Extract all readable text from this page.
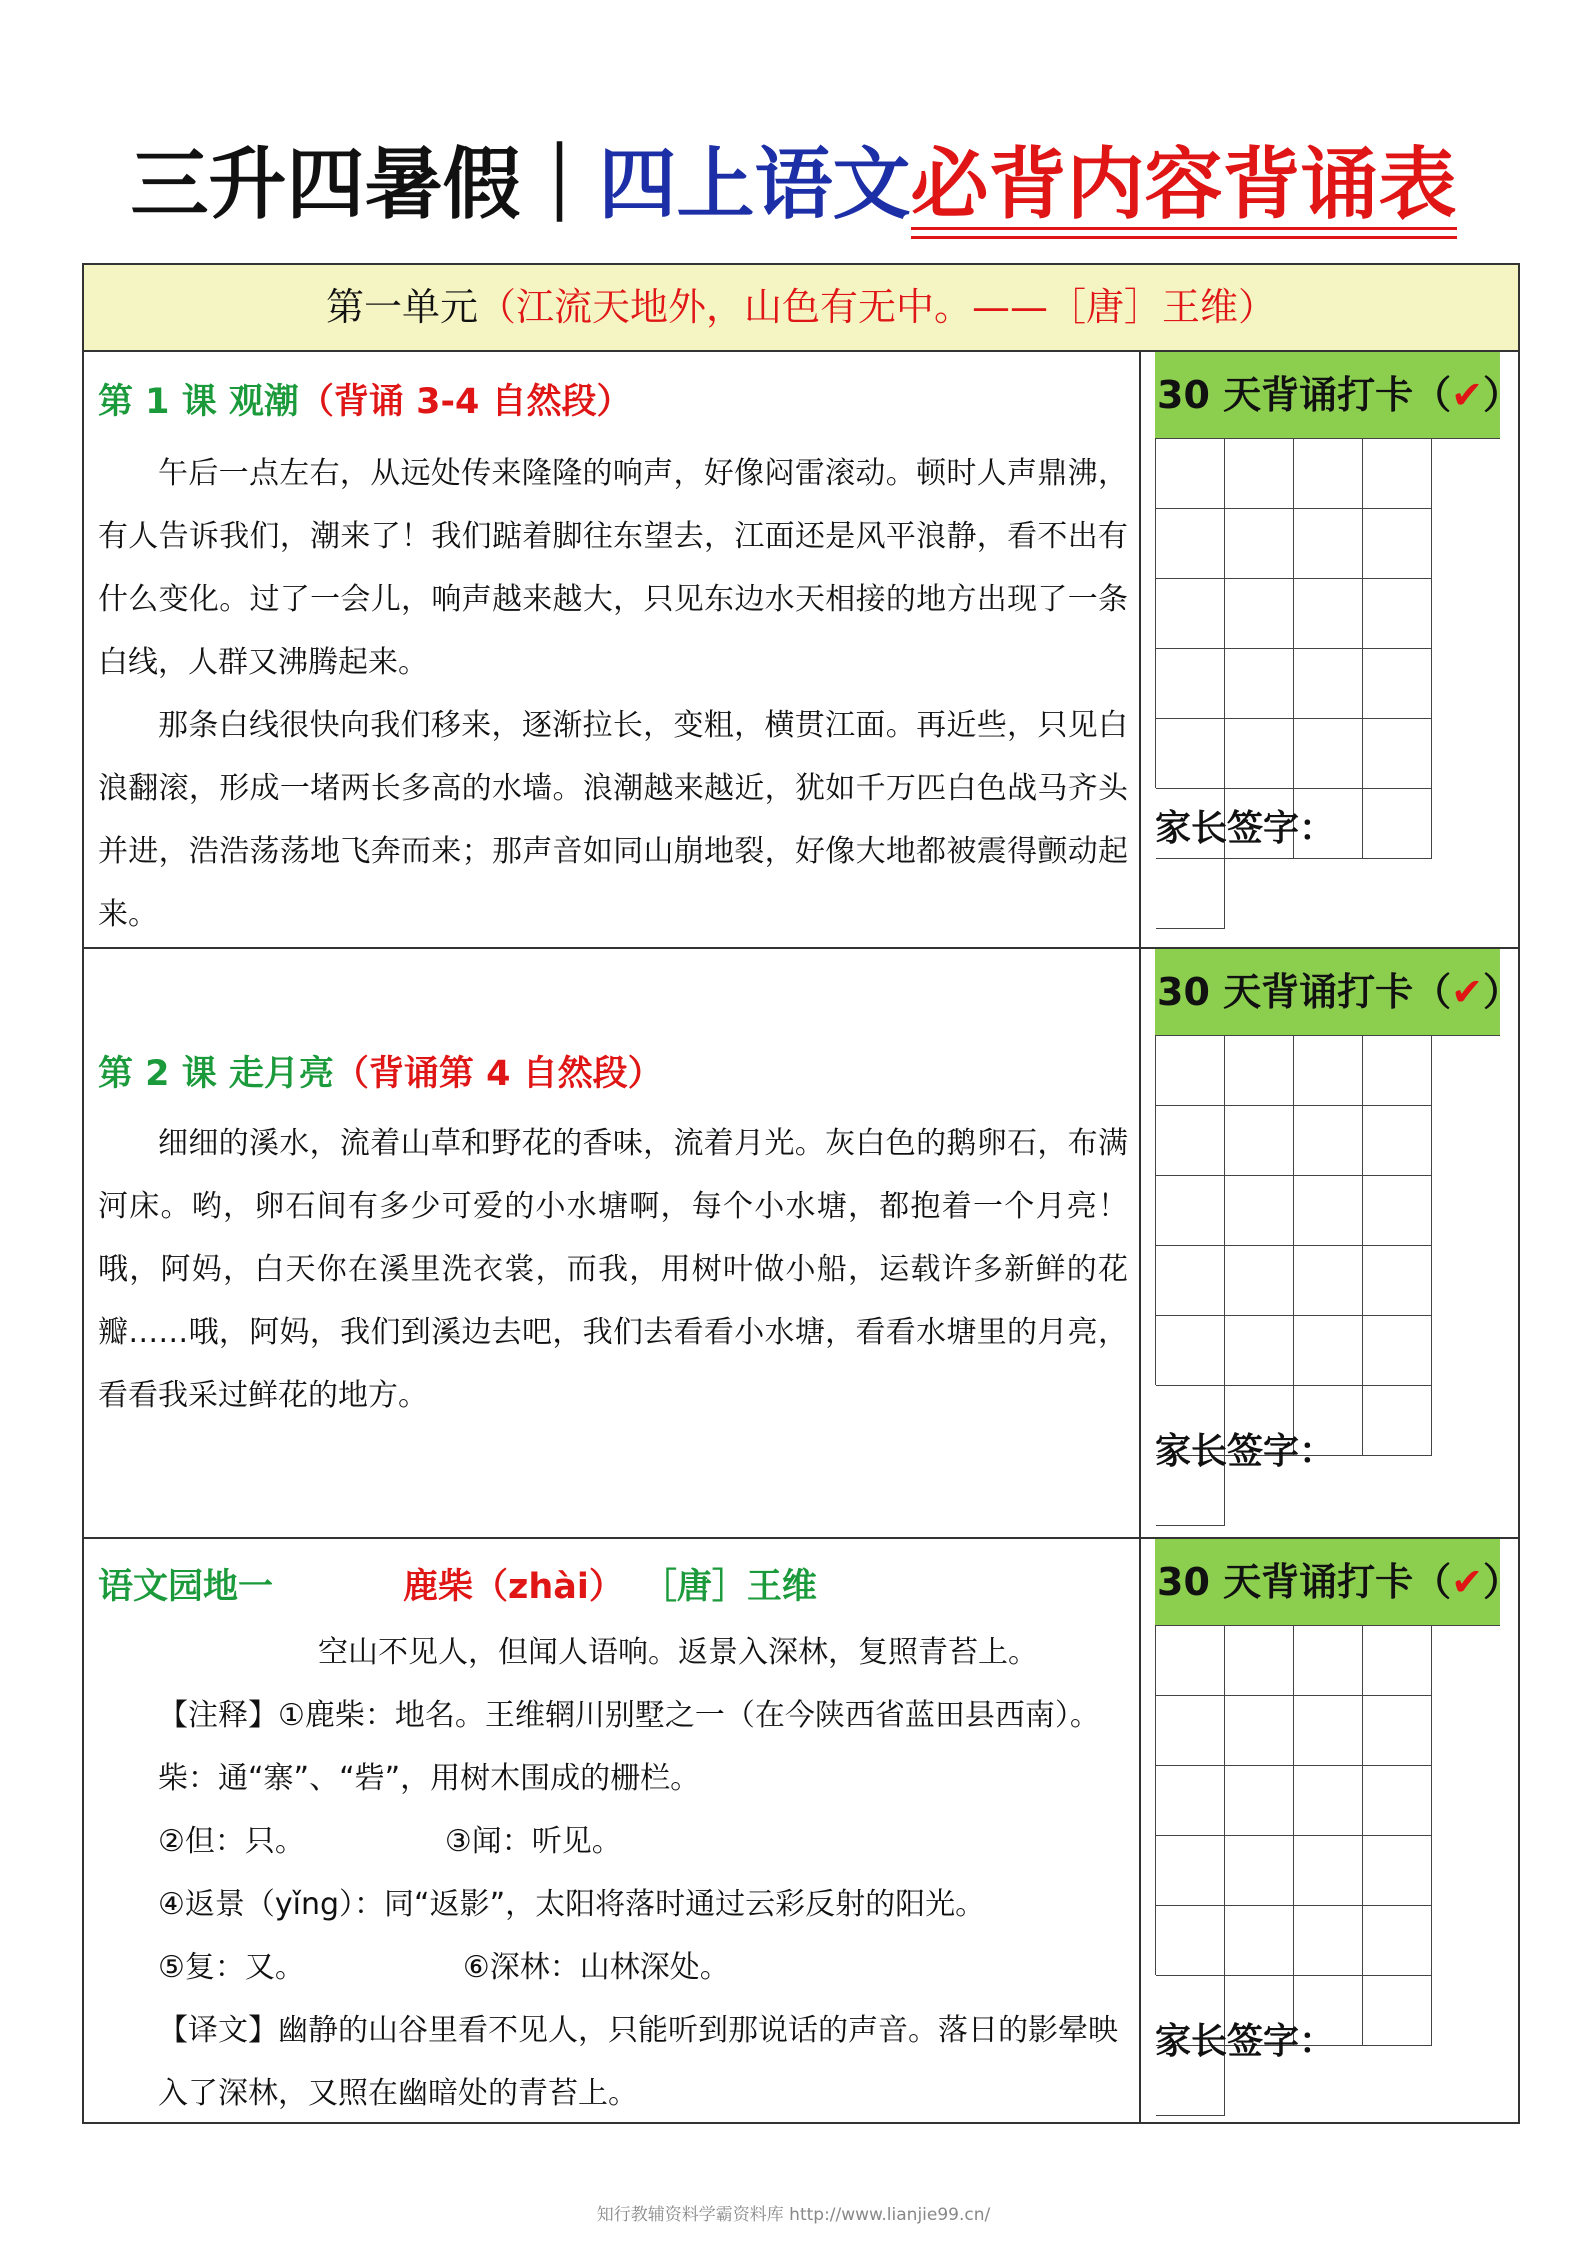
三升四暑假｜四上语文必背内容背诵表
第一单元（江流天地外，山色有无中。——［唐］王维）
第 1 课 观潮（背诵 3-4 自然段）

午后一点左右，从远处传来隆隆的响声，好像闷雷滚动。顿时人声鼎沸，有人告诉我们，潮来了！我们踮着脚往东望去，江面还是风平浪静，看不出有什么变化。过了一会儿，响声越来越大，只见东边水天相接的地方出现了一条白线，人群又沸腾起来。

那条白线很快向我们移来，逐渐拉长，变粗，横贯江面。再近些，只见白浪翻滚，形成一堵两长多高的水墙。浪潮越来越近，犹如千万匹白色战马齐头并进，浩浩荡荡地飞奔而来；那声音如同山崩地裂，好像大地都被震得颤动起来。

30 天背诵打卡（✔）
家长签字：
第 2 课 走月亮（背诵第 4 自然段）

细细的溪水，流着山草和野花的香味，流着月光。灰白色的鹅卵石，布满河床。哟，卵石间有多少可爱的小水塘啊，每个小水塘，都抱着一个月亮！哦，阿妈，白天你在溪里洗衣裳，而我，用树叶做小船，运载许多新鲜的花瓣……哦，阿妈，我们到溪边去吧，我们去看看小水塘，看看水塘里的月亮，看看我采过鲜花的地方。

30 天背诵打卡（✔）
家长签字：
语文园地一	鹿柴（zhài） ［唐］王维

空山不见人，但闻人语响。返景入深林，复照青苔上。

【注释】①鹿柴：地名。王维辋川别墅之一（在今陕西省蓝田县西南）。

柴：通“寨”、“砦”，用树木围成的栅栏。

②但：只。	③闻：听见。

④返景（yǐng）：同“返影”，太阳将落时通过云彩反射的阳光。

⑤复：又。	⑥深林：山林深处。

【译文】幽静的山谷里看不见人，只能听到那说话的声音。落日的影晕映

入了深林，又照在幽暗处的青苔上。

30 天背诵打卡（✔）
家长签字：
知行教辅资料学霸资料库 http://www.lianjie99.cn/
